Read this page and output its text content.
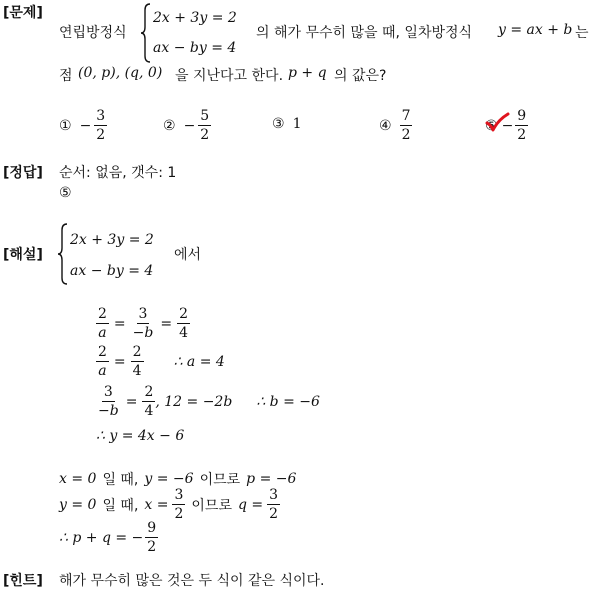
[문제]
연립방정식
2x + 3y = 2
ax − by = 4
의 해가 무수히 많을 때, 일차방정식 y = ax + b 는
점 (0, p), (q, 0) 을 지난다고 한다. p + q 의 값은?
① − $\frac{3}{2}$	② − $\frac{5}{2}$	③ 1	④ $\frac{7}{2}$	⑤ − $\frac{9}{2}$
[정답] 순서: 없음, 갯수: 1
⑤
[해설]
2x + 3y = 2
ax − by = 4
에서
$\frac{2}{a} = \frac{3}{-b} = \frac{2}{4}$
$\frac{2}{a} = \frac{2}{4}$ ∴ a = 4
$\frac{3}{-b} = \frac{2}{4}$ , 12 = −2b ∴ b = −6
∴ y = 4x − 6
x = 0 일 때, y = −6 이므로 p = −6
y = 0 일 때, $x = \frac{3}{2}$ 이므로 $q = \frac{3}{2}$
∴ p + q = − $\frac{9}{2}$
[힌트] 해가 무수히 많은 것은 두 식이 같은 식이다.
